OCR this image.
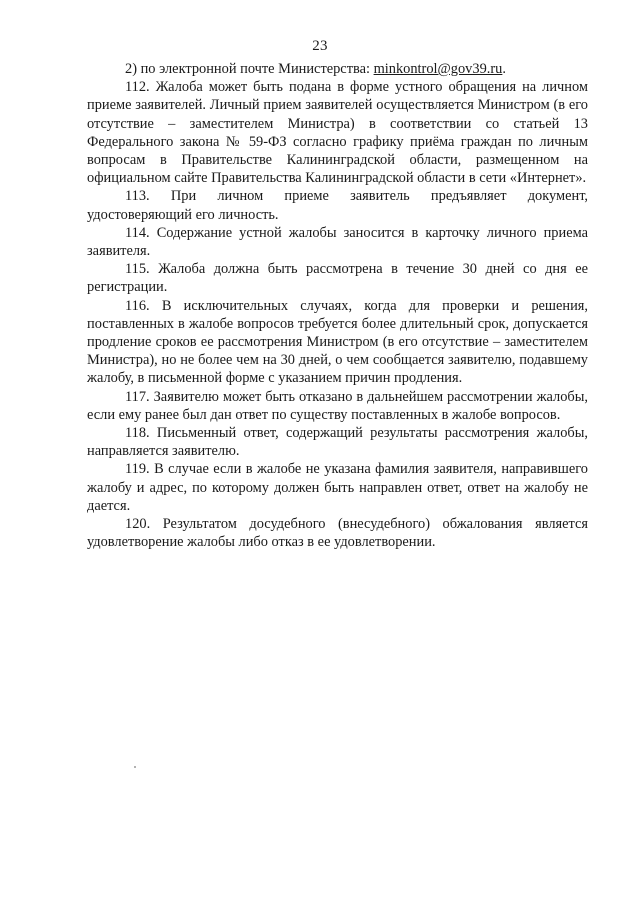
23

2) по электронной почте Министерства: minkontrol@gov39.ru.

112. Жалоба может быть подана в форме устного обращения на личном приеме заявителей. Личный прием заявителей осуществляется Министром (в его отсутствие – заместителем Министра) в соответствии со статьей 13 Федерального закона № 59-ФЗ согласно графику приёма граждан по личным вопросам в Правительстве Калининградской области, размещенном на официальном сайте Правительства Калининградской области в сети «Интернет».

113. При личном приеме заявитель предъявляет документ, удостоверяющий его личность.

114. Содержание устной жалобы заносится в карточку личного приема заявителя.

115. Жалоба должна быть рассмотрена в течение 30 дней со дня ее регистрации.

116. В исключительных случаях, когда для проверки и решения, поставленных в жалобе вопросов требуется более длительный срок, допускается продление сроков ее рассмотрения Министром (в его отсутствие – заместителем Министра), но не более чем на 30 дней, о чем сообщается заявителю, подавшему жалобу, в письменной форме с указанием причин продления.

117. Заявителю может быть отказано в дальнейшем рассмотрении жалобы, если ему ранее был дан ответ по существу поставленных в жалобе вопросов.

118. Письменный ответ, содержащий результаты рассмотрения жалобы, направляется заявителю.

119. В случае если в жалобе не указана фамилия заявителя, направившего жалобу и адрес, по которому должен быть направлен ответ, ответ на жалобу не дается.

120. Результатом досудебного (внесудебного) обжалования является удовлетворение жалобы либо отказ в ее удовлетворении.
